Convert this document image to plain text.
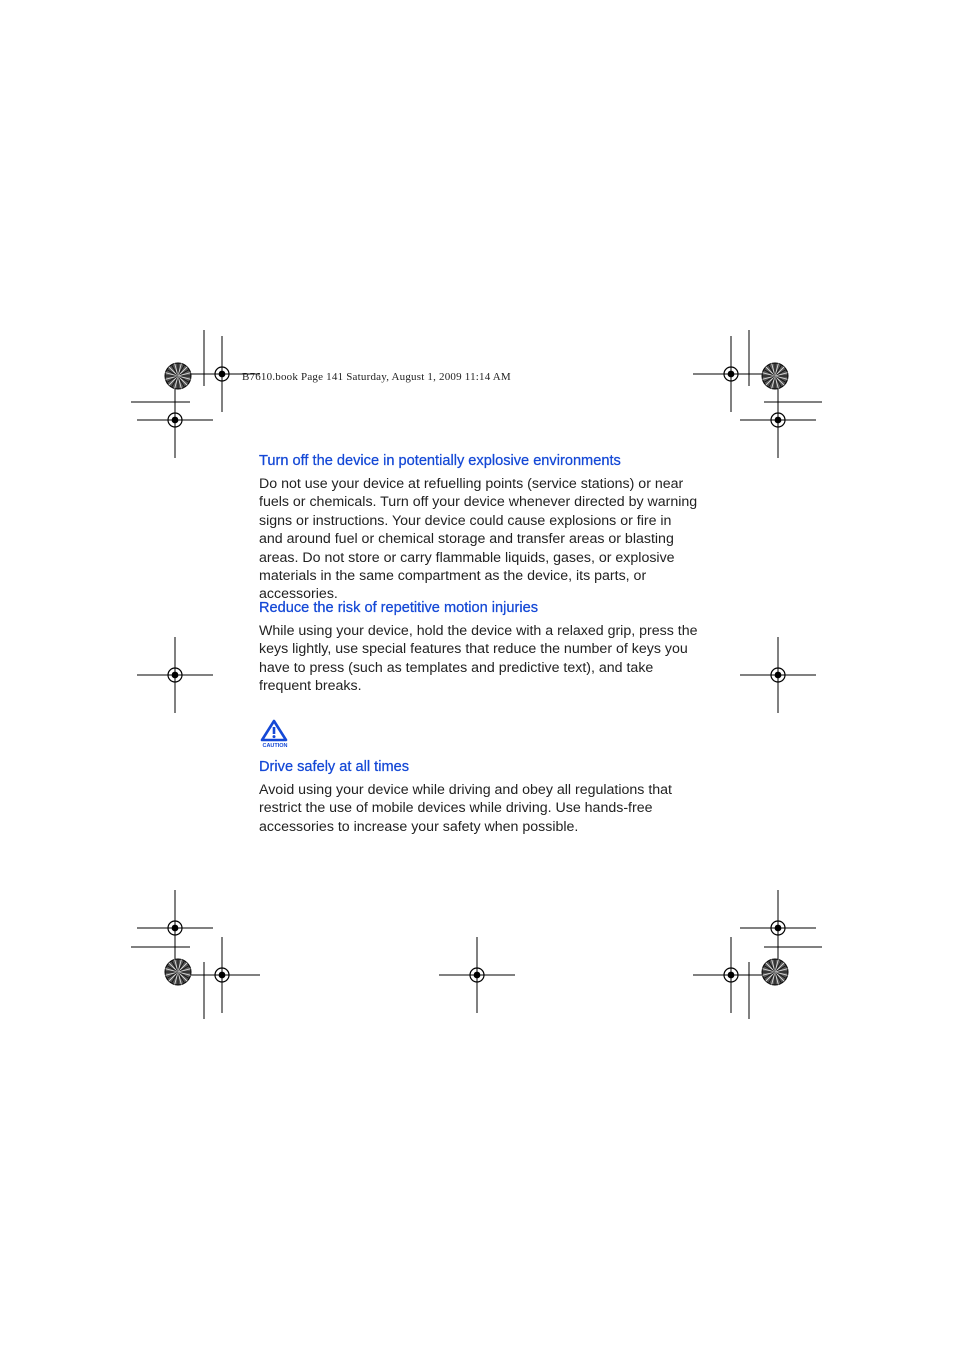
B7610.book Page 141 Saturday, August 1, 2009 11:14 AM
Turn off the device in potentially explosive environments

Do not use your device at refuelling points (service stations) or near fuels or chemicals. Turn off your device whenever directed by warning signs or instructions. Your device could cause explosions or fire in and around fuel or chemical storage and transfer areas or blasting areas. Do not store or carry flammable liquids, gases, or explosive materials in the same compartment as the device, its parts, or accessories.

Reduce the risk of repetitive motion injuries

While using your device, hold the device with a relaxed grip, press the keys lightly, use special features that reduce the number of keys you have to press (such as templates and predictive text), and take frequent breaks.

CAUTION
Drive safely at all times

Avoid using your device while driving and obey all regulations that restrict the use of mobile devices while driving. Use hands-free accessories to increase your safety when possible.
